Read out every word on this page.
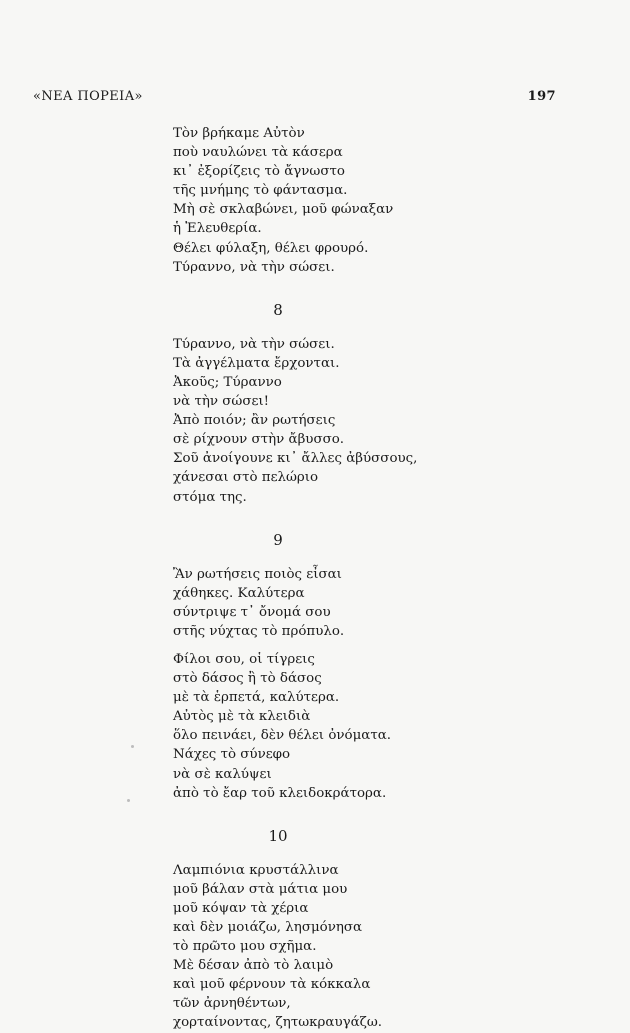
«ΝΕΑ ΠΟΡΕΙΑ»	197
Τὸν βρήκαμε Αὐτὸν
ποὺ ναυλώνει τὰ κάσερα
κι᾽ ἐξορίζεις τὸ ἄγνωστο
τῆς μνήμης τὸ φάντασμα.
Μὴ σὲ σκλαβώνει, μοῦ φώναξαν
ἡ Ἐλευθερία.
Θέλει φύλαξη, θέλει φρουρό.
Τύραννο, νὰ τὴν σώσει.
8
Τύραννο, νὰ τὴν σώσει.
Τὰ ἀγγέλματα ἔρχονται.
Ἀκοῦς; Τύραννο
νὰ τὴν σώσει!
Ἀπὸ ποιόν; ἂν ρωτήσεις
σὲ ρίχνουν στὴν ἄβυσσο.
Σοῦ ἀνοίγουνε κι᾽ ἄλλες ἀβύσσους,
χάνεσαι στὸ πελώριο
στόμα της.
9
Ἂν ρωτήσεις ποιὸς εἶσαι
χάθηκες. Καλύτερα
σύντριψε τ᾽ ὄνομά σου
στῆς νύχτας τὸ πρόπυλο.
Φίλοι σου, οἱ τίγρεις
στὸ δάσος ἢ τὸ δάσος
μὲ τὰ ἑρπετά, καλύτερα.
Αὐτὸς μὲ τὰ κλειδιὰ
ὅλο πεινάει, δὲν θέλει ὀνόματα.
Νάχες τὸ σύνεφο
νὰ σὲ καλύψει
ἀπὸ τὸ ἔαρ τοῦ κλειδοκράτορα.
10
Λαμπιόνια κρυστάλλινα
μοῦ βάλαν στὰ μάτια μου
μοῦ κόψαν τὰ χέρια
καὶ δὲν μοιάζω, λησμόνησα
τὸ πρῶτο μου σχῆμα.
Μὲ δέσαν ἀπὸ τὸ λαιμὸ
καὶ μοῦ φέρνουν τὰ κόκκαλα
τῶν ἀρνηθέντων,
χορταίνοντας, ζητωκραυγάζω.
